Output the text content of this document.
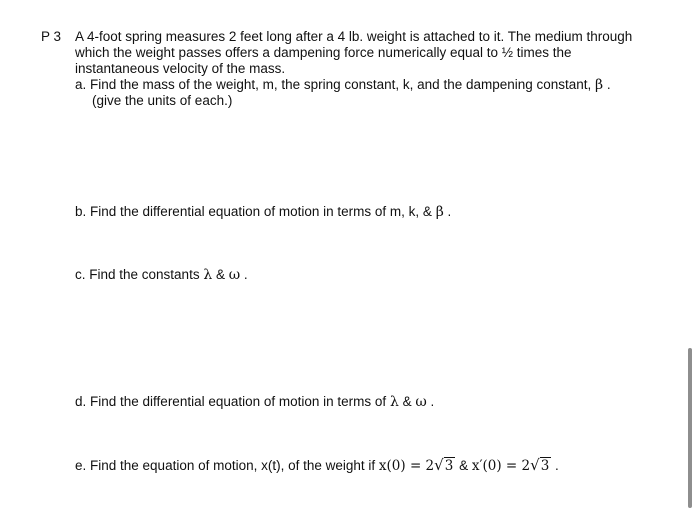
P 3 A 4-foot spring measures 2 feet long after a 4 lb. weight is attached to it. The medium through
which the weight passes offers a dampening force numerically equal to ½ times the
instantaneous velocity of the mass.
a. Find the mass of the weight, m, the spring constant, k, and the dampening constant, β .
(give the units of each.)
b. Find the differential equation of motion in terms of m, k, & β .
c. Find the constants λ & ω .
d. Find the differential equation of motion in terms of λ & ω .
e. Find the equation of motion, x(t), of the weight if x(0) = 2√3 & x′(0) = 2√3 .
